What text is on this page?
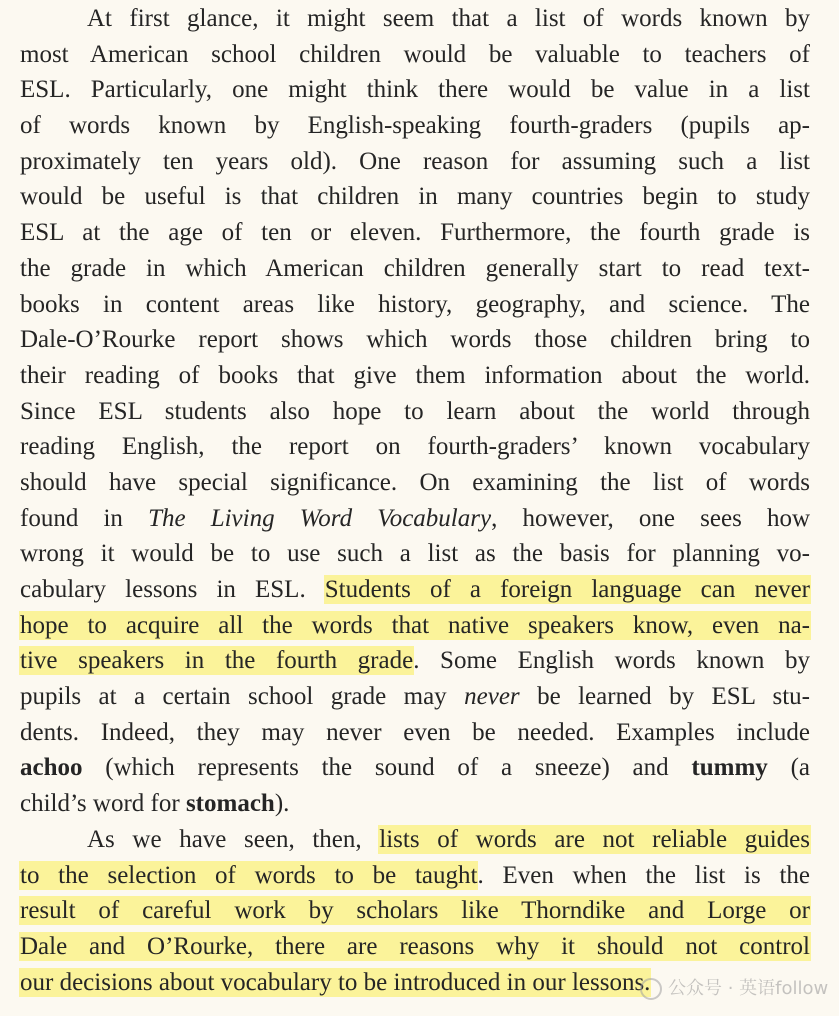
At first glance, it might seem that a list of words known by
most American school children would be valuable to teachers of
ESL. Particularly, one might think there would be value in a list
of words known by English-speaking fourth-graders (pupils ap-
proximately ten years old). One reason for assuming such a list
would be useful is that children in many countries begin to study
ESL at the age of ten or eleven. Furthermore, the fourth grade is
the grade in which American children generally start to read text-
books in content areas like history, geography, and science. The
Dale-O’Rourke report shows which words those children bring to
their reading of books that give them information about the world.
Since ESL students also hope to learn about the world through
reading English, the report on fourth-graders’ known vocabulary
should have special significance. On examining the list of words
found in The Living Word Vocabulary, however, one sees how
wrong it would be to use such a list as the basis for planning vo-
cabulary lessons in ESL. Students of a foreign language can never
hope to acquire all the words that native speakers know, even na-
tive speakers in the fourth grade. Some English words known by
pupils at a certain school grade may never be learned by ESL stu-
dents. Indeed, they may never even be needed. Examples include
achoo (which represents the sound of a sneeze) and tummy (a
child’s word for stomach).
As we have seen, then, lists of words are not reliable guides
to the selection of words to be taught. Even when the list is the
result of careful work by scholars like Thorndike and Lorge or
Dale and O’Rourke, there are reasons why it should not control
our decisions about vocabulary to be introduced in our lessons. 公众号 · 英语follow
